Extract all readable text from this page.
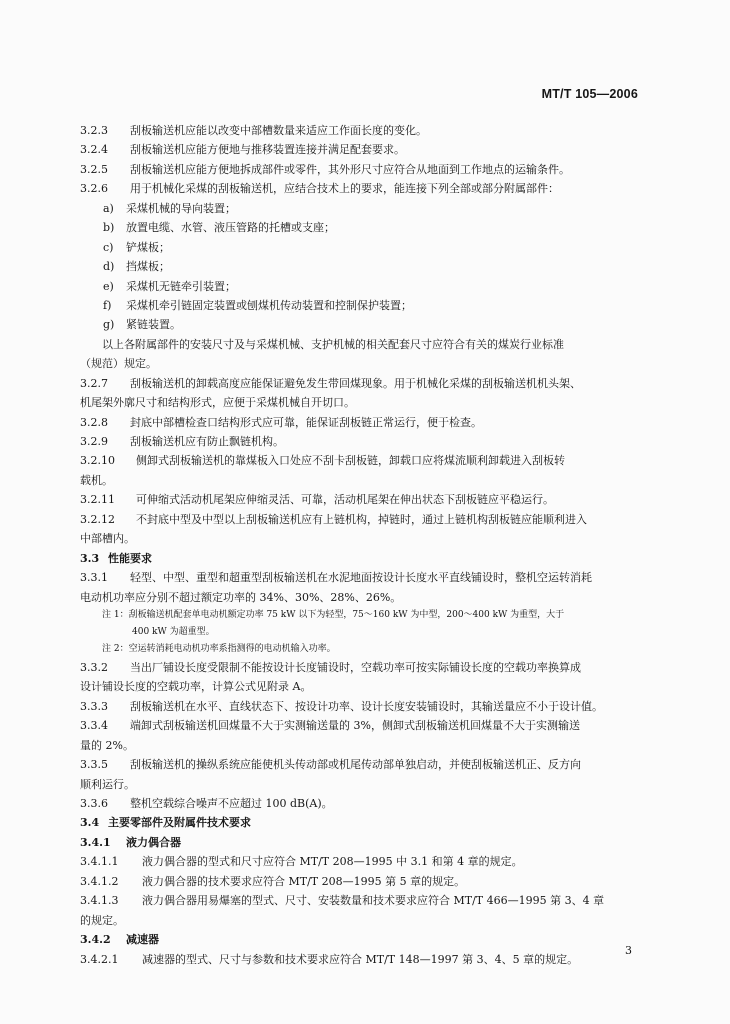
MT/T 105—2006
3.2.3 刮板输送机应能以改变中部槽数量来适应工作面长度的变化。
3.2.4 刮板输送机应能方便地与推移装置连接并满足配套要求。
3.2.5 刮板输送机应能方便地拆成部件或零件，其外形尺寸应符合从地面到工作地点的运输条件。
3.2.6 用于机械化采煤的刮板输送机，应结合技术上的要求，能连接下列全部或部分附属部件：
a) 采煤机械的导向装置；
b) 放置电缆、水管、液压管路的托槽或支座；
c) 铲煤板；
d) 挡煤板；
e) 采煤机无链牵引装置；
f) 采煤机牵引链固定装置或刨煤机传动装置和控制保护装置；
g) 紧链装置。
以上各附属部件的安装尺寸及与采煤机械、支护机械的相关配套尺寸应符合有关的煤炭行业标准
（规范）规定。
3.2.7 刮板输送机的卸载高度应能保证避免发生带回煤现象。用于机械化采煤的刮板输送机机头架、
机尾架外廓尺寸和结构形式，应便于采煤机械自开切口。
3.2.8 封底中部槽检查口结构形式应可靠，能保证刮板链正常运行，便于检查。
3.2.9 刮板输送机应有防止飘链机构。
3.2.10 侧卸式刮板输送机的靠煤板入口处应不刮卡刮板链，卸载口应将煤流顺利卸载进入刮板转
载机。
3.2.11 可伸缩式活动机尾架应伸缩灵活、可靠，活动机尾架在伸出状态下刮板链应平稳运行。
3.2.12 不封底中型及中型以上刮板输送机应有上链机构，掉链时，通过上链机构刮板链应能顺利进入
中部槽内。
3.3 性能要求
3.3.1 轻型、中型、重型和超重型刮板输送机在水泥地面按设计长度水平直线铺设时，整机空运转消耗
电动机功率应分别不超过额定功率的 34%、30%、28%、26%。
注 1：刮板输送机配套单电动机额定功率 75 kW 以下为轻型，75～160 kW 为中型，200～400 kW 为重型，大于
400 kW 为超重型。
注 2：空运转消耗电动机功率系指测得的电动机输入功率。
3.3.2 当出厂铺设长度受限制不能按设计长度铺设时，空载功率可按实际铺设长度的空载功率换算成
设计铺设长度的空载功率，计算公式见附录 A。
3.3.3 刮板输送机在水平、直线状态下、按设计功率、设计长度安装铺设时，其输送量应不小于设计值。
3.3.4 端卸式刮板输送机回煤量不大于实测输送量的 3%，侧卸式刮板输送机回煤量不大于实测输送
量的 2%。
3.3.5 刮板输送机的操纵系统应能使机头传动部或机尾传动部单独启动，并使刮板输送机正、反方向
顺利运行。
3.3.6 整机空载综合噪声不应超过 100 dB(A)。
3.4 主要零部件及附属件技术要求
3.4.1 液力偶合器
3.4.1.1 液力偶合器的型式和尺寸应符合 MT/T 208—1995 中 3.1 和第 4 章的规定。
3.4.1.2 液力偶合器的技术要求应符合 MT/T 208—1995 第 5 章的规定。
3.4.1.3 液力偶合器用易爆塞的型式、尺寸、安装数量和技术要求应符合 MT/T 466—1995 第 3、4 章
的规定。
3.4.2 减速器
3.4.2.1 减速器的型式、尺寸与参数和技术要求应符合 MT/T 148—1997 第 3、4、5 章的规定。
3
